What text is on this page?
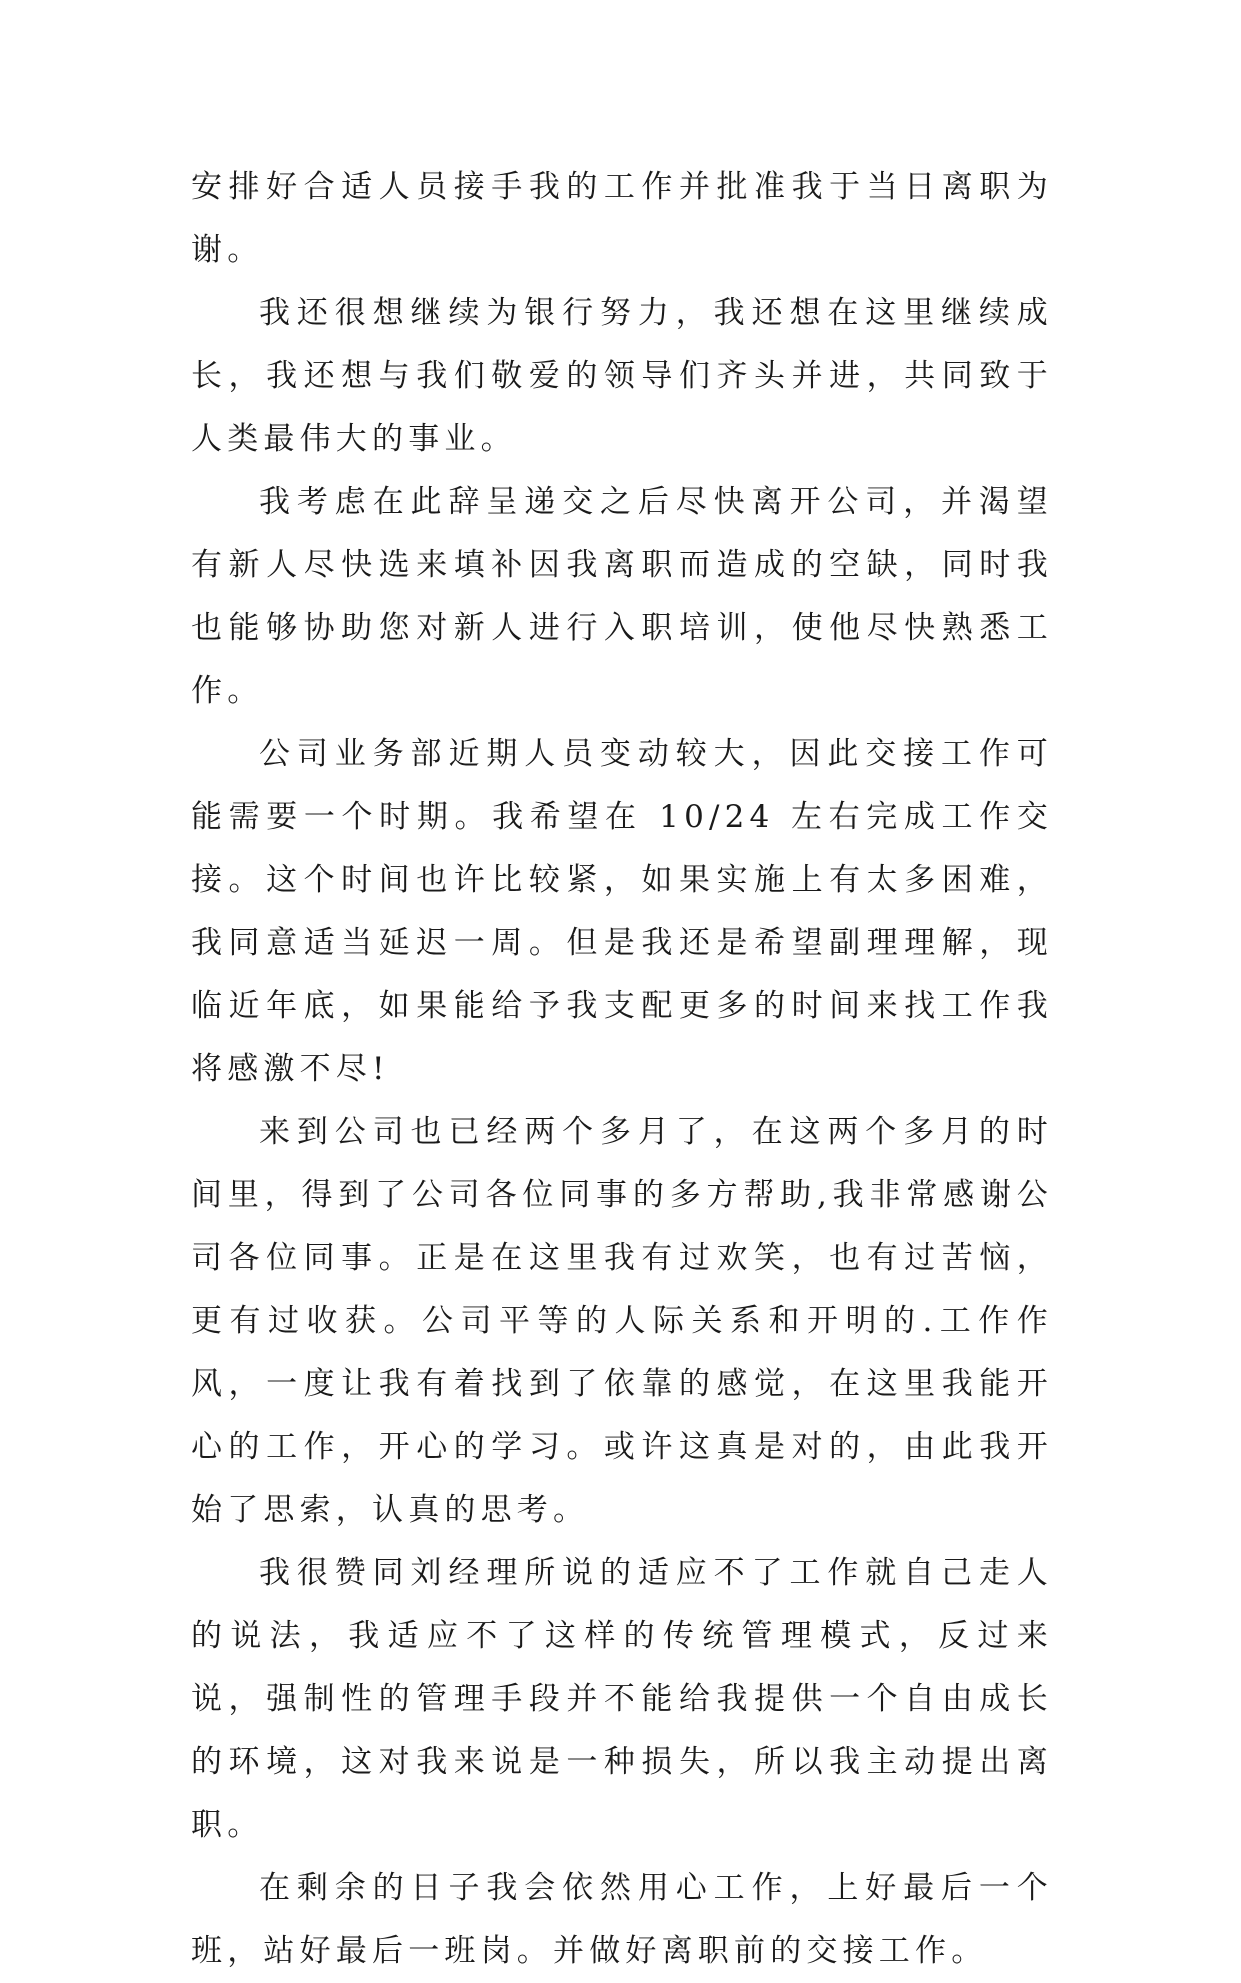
安排好合适人员接手我的工作并批准我于当日离职为谢。

我还很想继续为银行努力，我还想在这里继续成长，我还想与我们敬爱的领导们齐头并进，共同致于人类最伟大的事业。

我考虑在此辞呈递交之后尽快离开公司，并渴望有新人尽快选来填补因我离职而造成的空缺，同时我也能够协助您对新人进行入职培训，使他尽快熟悉工作。

公司业务部近期人员变动较大，因此交接工作可能需要一个时期。我希望在 10/24 左右完成工作交接。这个时间也许比较紧，如果实施上有太多困难，我同意适当延迟一周。但是我还是希望副理理解，现临近年底，如果能给予我支配更多的时间来找工作我将感激不尽!

来到公司也已经两个多月了，在这两个多月的时间里，得到了公司各位同事的多方帮助,我非常感谢公司各位同事。正是在这里我有过欢笑，也有过苦恼，更有过收获。公司平等的人际关系和开明的.工作作风，一度让我有着找到了依靠的感觉，在这里我能开心的工作，开心的学习。或许这真是对的，由此我开始了思索，认真的思考。

我很赞同刘经理所说的适应不了工作就自己走人的说法，我适应不了这样的传统管理模式，反过来说，强制性的管理手段并不能给我提供一个自由成长的环境，这对我来说是一种损失，所以我主动提出离职。

在剩余的日子我会依然用心工作，上好最后一个班，站好最后一班岗。并做好离职前的交接工作。
